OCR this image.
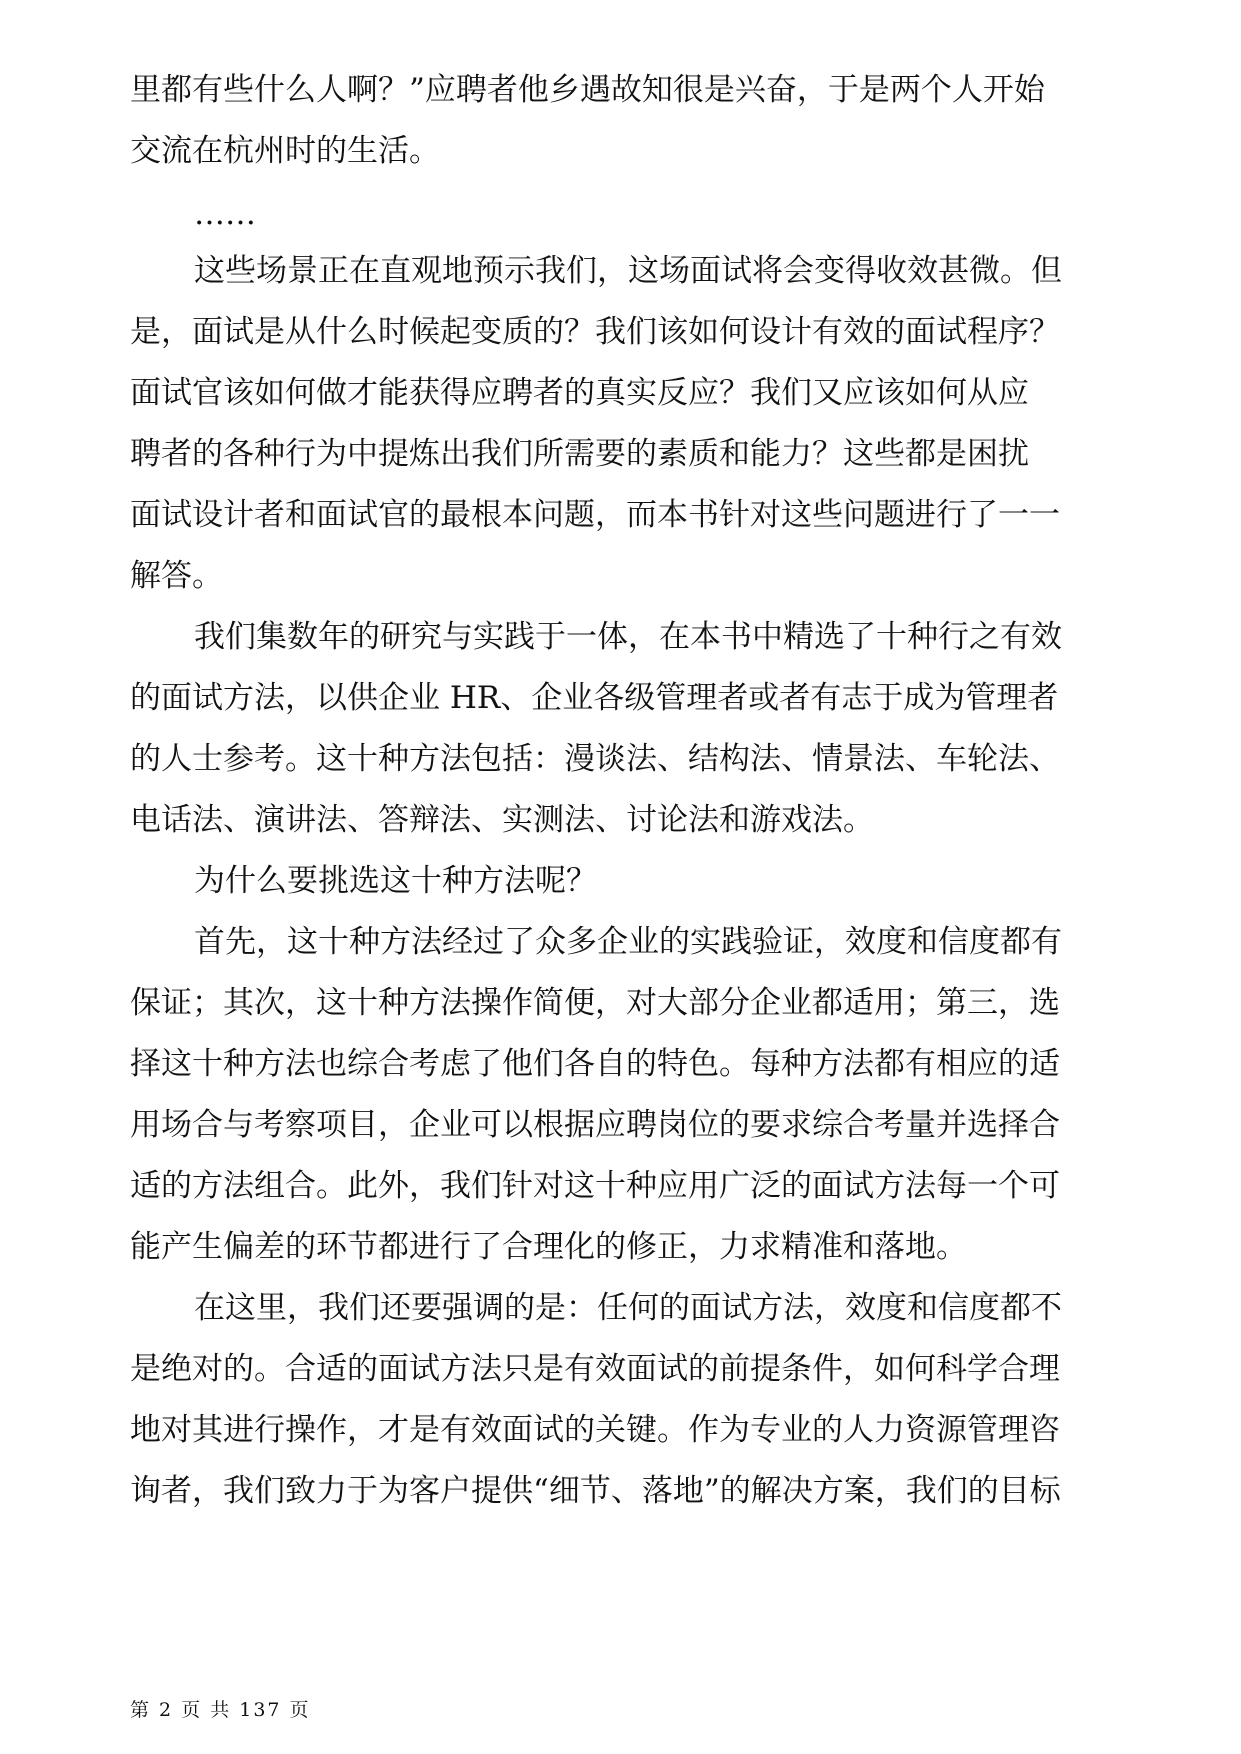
里都有些什么人啊？”应聘者他乡遇故知很是兴奋，于是两个人开始
交流在杭州时的生活。
……
这些场景正在直观地预示我们，这场面试将会变得收效甚微。但
是，面试是从什么时候起变质的？我们该如何设计有效的面试程序？
面试官该如何做才能获得应聘者的真实反应？我们又应该如何从应
聘者的各种行为中提炼出我们所需要的素质和能力？这些都是困扰
面试设计者和面试官的最根本问题，而本书针对这些问题进行了一一
解答。
我们集数年的研究与实践于一体，在本书中精选了十种行之有效
的面试方法，以供企业 HR、企业各级管理者或者有志于成为管理者
的人士参考。这十种方法包括：漫谈法、结构法、情景法、车轮法、
电话法、演讲法、答辩法、实测法、讨论法和游戏法。
为什么要挑选这十种方法呢？
首先，这十种方法经过了众多企业的实践验证，效度和信度都有
保证；其次，这十种方法操作简便，对大部分企业都适用；第三，选
择这十种方法也综合考虑了他们各自的特色。每种方法都有相应的适
用场合与考察项目，企业可以根据应聘岗位的要求综合考量并选择合
适的方法组合。此外，我们针对这十种应用广泛的面试方法每一个可
能产生偏差的环节都进行了合理化的修正，力求精准和落地。
在这里，我们还要强调的是：任何的面试方法，效度和信度都不
是绝对的。合适的面试方法只是有效面试的前提条件，如何科学合理
地对其进行操作，才是有效面试的关键。作为专业的人力资源管理咨
询者，我们致力于为客户提供“细节、落地”的解决方案，我们的目标
第 2 页 共 137 页
